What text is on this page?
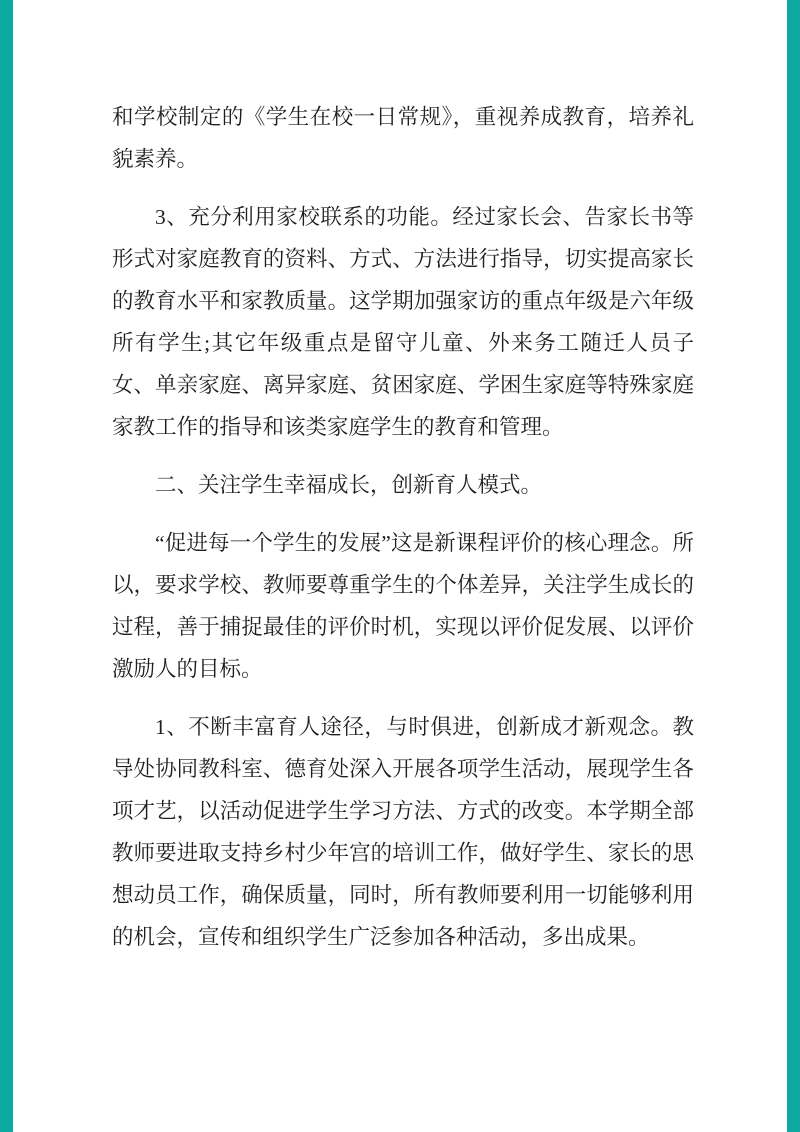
和学校制定的《学生在校一日常规》，重视养成教育，培养礼貌素养。

3、充分利用家校联系的功能。经过家长会、告家长书等形式对家庭教育的资料、方式、方法进行指导，切实提高家长的教育水平和家教质量。这学期加强家访的重点年级是六年级所有学生;其它年级重点是留守儿童、外来务工随迁人员子女、单亲家庭、离异家庭、贫困家庭、学困生家庭等特殊家庭家教工作的指导和该类家庭学生的教育和管理。

二、关注学生幸福成长，创新育人模式。

“促进每一个学生的发展”这是新课程评价的核心理念。所以，要求学校、教师要尊重学生的个体差异，关注学生成长的过程，善于捕捉最佳的评价时机，实现以评价促发展、以评价激励人的目标。

1、不断丰富育人途径，与时俱进，创新成才新观念。教导处协同教科室、德育处深入开展各项学生活动，展现学生各项才艺，以活动促进学生学习方法、方式的改变。本学期全部教师要进取支持乡村少年宫的培训工作，做好学生、家长的思想动员工作，确保质量，同时，所有教师要利用一切能够利用的机会，宣传和组织学生广泛参加各种活动，多出成果。
